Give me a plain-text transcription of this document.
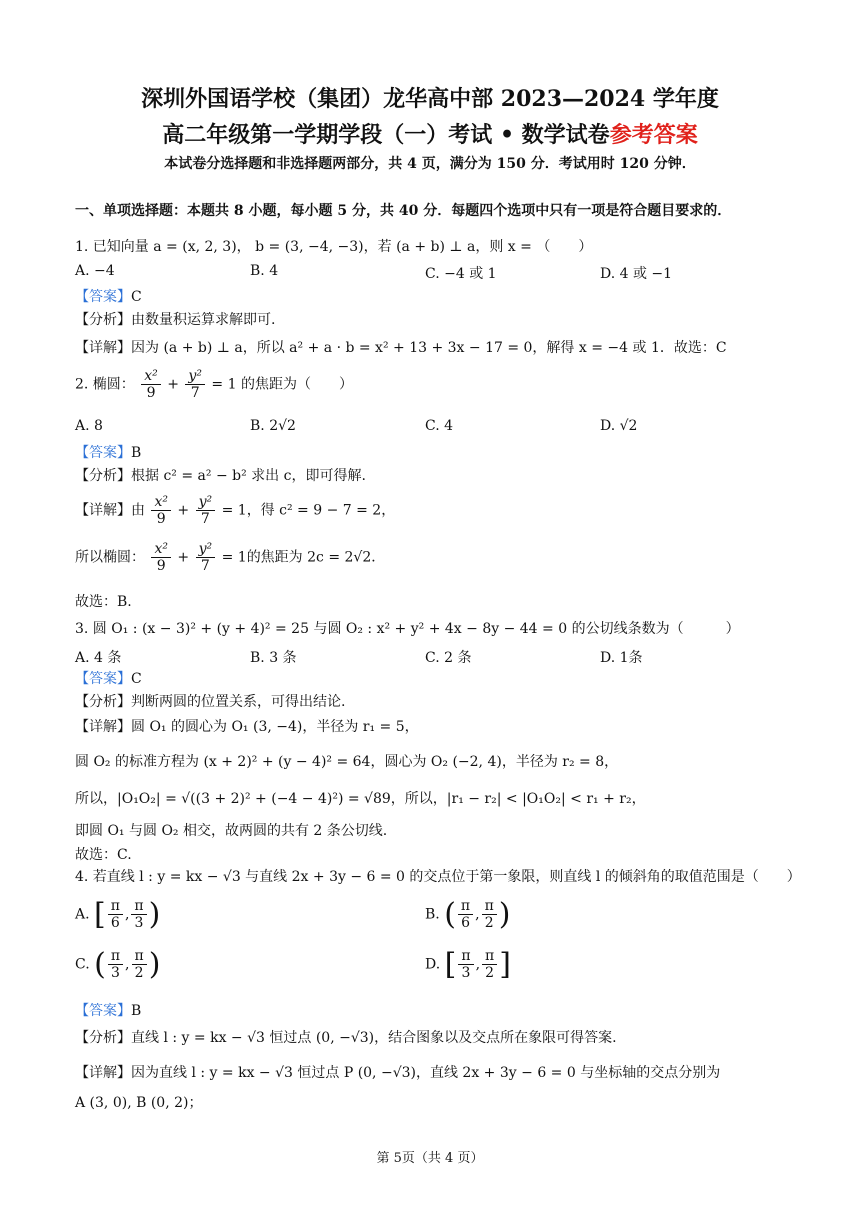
深圳外国语学校（集团）龙华高中部 2023—2024 学年度
高二年级第一学期学段（一）考试 • 数学试卷参考答案
本试卷分选择题和非选择题两部分，共 4 页，满分为 150 分．考试用时 120 分钟．
一、单项选择题：本题共 8 小题，每小题 5 分，共 40 分．每题四个选项中只有一项是符合题目要求的．
1. 已知向量 a = (x, 2, 3)， b = (3, −4, −3)，若 (a + b) ⊥ a，则 x = （　　）
A. −4	B. 4	C. −4 或 1	D. 4 或 −1
【答案】C
【分析】由数量积运算求解即可.
【详解】因为 (a + b) ⊥ a，所以 a² + a · b = x² + 13 + 3x − 17 = 0，解得 x = −4 或 1．故选：C
2. 椭圆： $\frac{\text{x²}}{9} + \frac{\text{y²}}{7} = 1$ 的焦距为（　　）
A. 8	B. 2√2	C. 4	D. √2
【答案】B
【分析】根据 c² = a² − b² 求出 c，即可得解.
【详解】由 $\frac{\text{x²}}{9} + \frac{\text{y²}}{7} = 1$，得 c² = 9 − 7 = 2，
所以椭圆： $\frac{\text{x²}}{9} + \frac{\text{y²}}{7} = 1$的焦距为 2c = 2√2．
故选：B.
3. 圆 O₁ : (x − 3)² + (y + 4)² = 25 与圆 O₂ : x² + y² + 4x − 8y − 44 = 0 的公切线条数为（　　　）
A. 4 条	B. 3 条	C. 2 条	D. 1条
【答案】C
【分析】判断两圆的位置关系，可得出结论.
【详解】圆 O₁ 的圆心为 O₁ (3, −4)，半径为 r₁ = 5，
圆 O₂ 的标准方程为 (x + 2)² + (y − 4)² = 64，圆心为 O₂ (−2, 4)，半径为 r₂ = 8，
所以，|O₁O₂| = √((3 + 2)² + (−4 − 4)²) = √89，所以，|r₁ − r₂| < |O₁O₂| < r₁ + r₂，
即圆 O₁ 与圆 O₂ 相交，故两圆的共有 2 条公切线.
故选：C.
4. 若直线 l : y = kx − √3 与直线 2x + 3y − 6 = 0 的交点位于第一象限，则直线 l 的倾斜角的取值范围是（　　）
A. [ $\frac{\pi}{6}$ , $\frac{\pi}{3}$ )	B. ( $\frac{\pi}{6}$ , $\frac{\pi}{2}$ )
C. ( $\frac{\pi}{3}$ , $\frac{\pi}{2}$ )	D. [ $\frac{\pi}{3}$ , $\frac{\pi}{2}$ ]
【答案】B
【分析】直线 l : y = kx − √3 恒过点 (0, −√3)，结合图象以及交点所在象限可得答案.
【详解】因为直线 l : y = kx − √3 恒过点 P (0, −√3)，直线 2x + 3y − 6 = 0 与坐标轴的交点分别为
A (3, 0), B (0, 2)；
第 5页（共 4 页）
